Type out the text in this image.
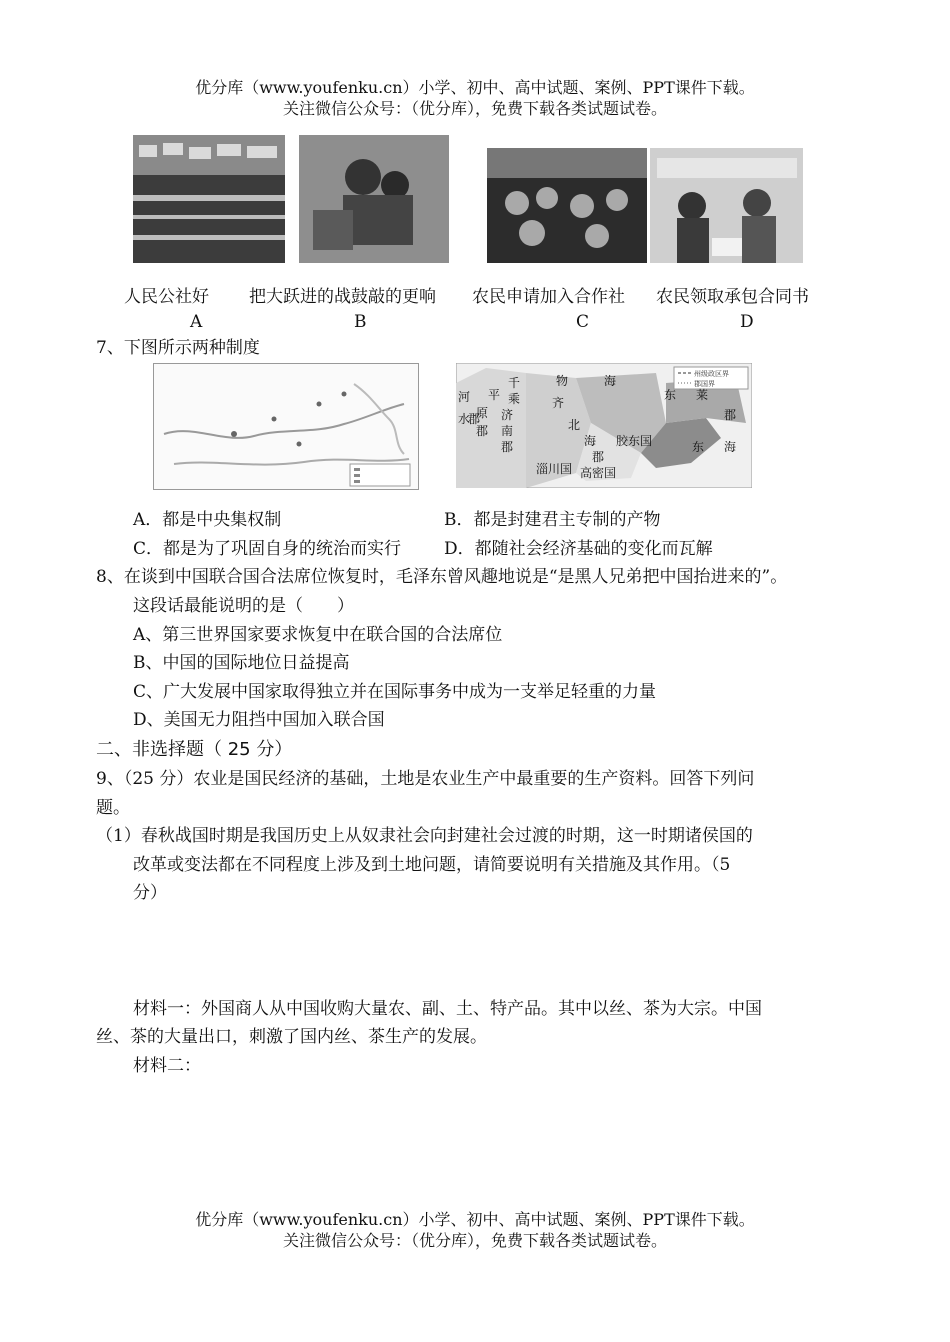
优分库（www.youfenku.cn）小学、初中、高中试题、案例、PPT课件下载。
关注微信公众号：（优分库），免费下载各类试题试卷。
人民公社好 把大跃进的战鼓敲的更响 农民申请加入合作社 农民领取承包合同书
A	B	C	D
7、下图所示两种制度
州级政区界
郡国界
河 平
千
乘
原 济
郡 南
郡
齐
北
海
郡
胶东国
东 莱
郡
物	海
东 海
水
郡
淄川国 高密国
A．都是中央集权制	B．都是封建君主专制的产物
C．都是为了巩固自身的统治而实行	D．都随社会经济基础的变化而瓦解
8、在谈到中国联合国合法席位恢复时，毛泽东曾风趣地说是“是黑人兄弟把中国抬进来的”。
这段话最能说明的是（　　）
A、第三世界国家要求恢复中在联合国的合法席位
B、中国的国际地位日益提高
C、广大发展中国家取得独立并在国际事务中成为一支举足轻重的力量
D、美国无力阻挡中国加入联合国
二、非选择题（ 25 分）
9、（25 分）农业是国民经济的基础，土地是农业生产中最重要的生产资料。回答下列问
题。
（1）春秋战国时期是我国历史上从奴隶社会向封建社会过渡的时期，这一时期诸侯国的
改革或变法都在不同程度上涉及到土地问题，请简要说明有关措施及其作用。（5
分）
材料一：外国商人从中国收购大量农、副、土、特产品。其中以丝、茶为大宗。中国
丝、茶的大量出口，刺激了国内丝、茶生产的发展。
材料二：
优分库（www.youfenku.cn）小学、初中、高中试题、案例、PPT课件下载。
关注微信公众号：（优分库），免费下载各类试题试卷。
